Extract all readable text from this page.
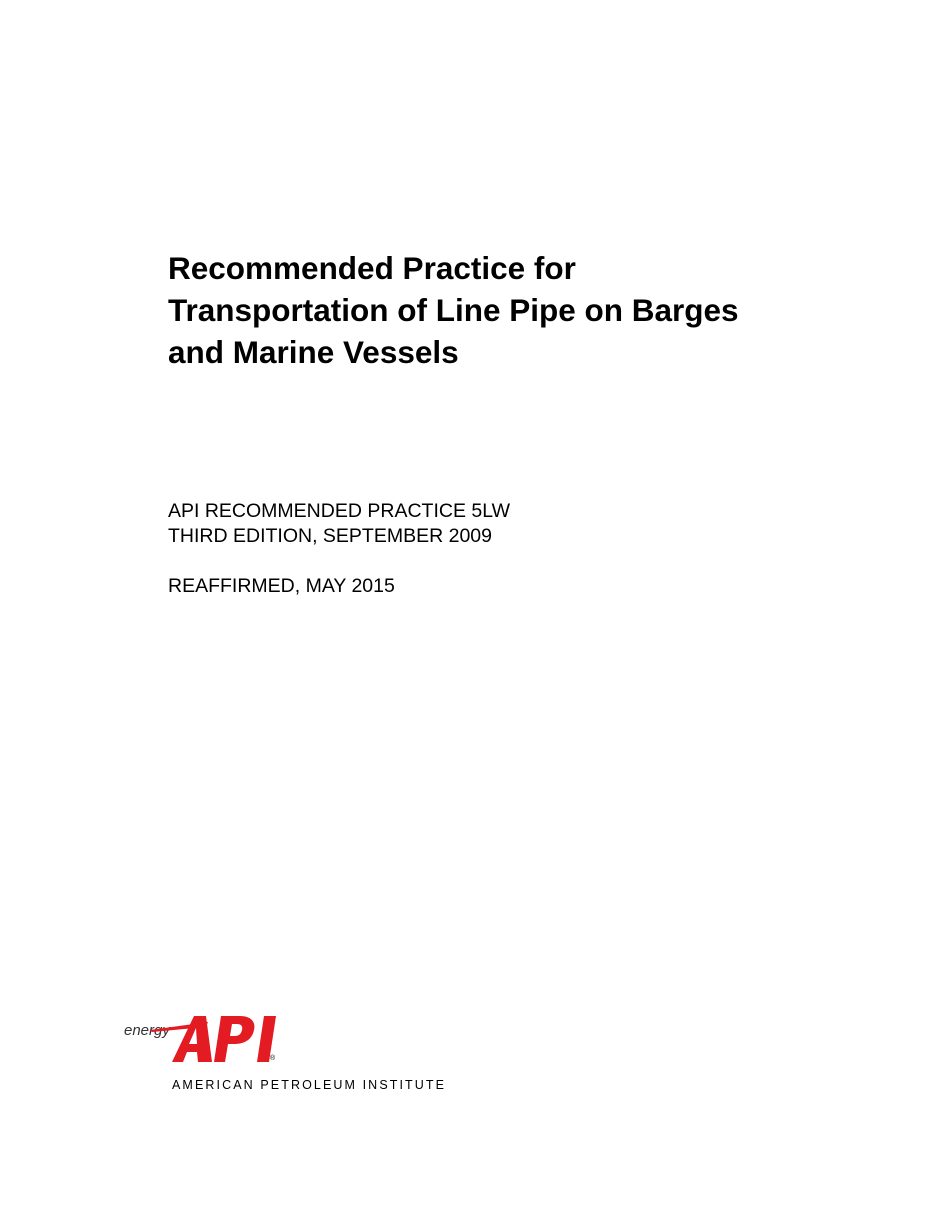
Recommended Practice for
Transportation of Line Pipe on Barges
and Marine Vessels
API RECOMMENDED PRACTICE 5LW
THIRD EDITION, SEPTEMBER 2009
REAFFIRMED, MAY 2015
energy
®
AMERICAN PETROLEUM INSTITUTE
